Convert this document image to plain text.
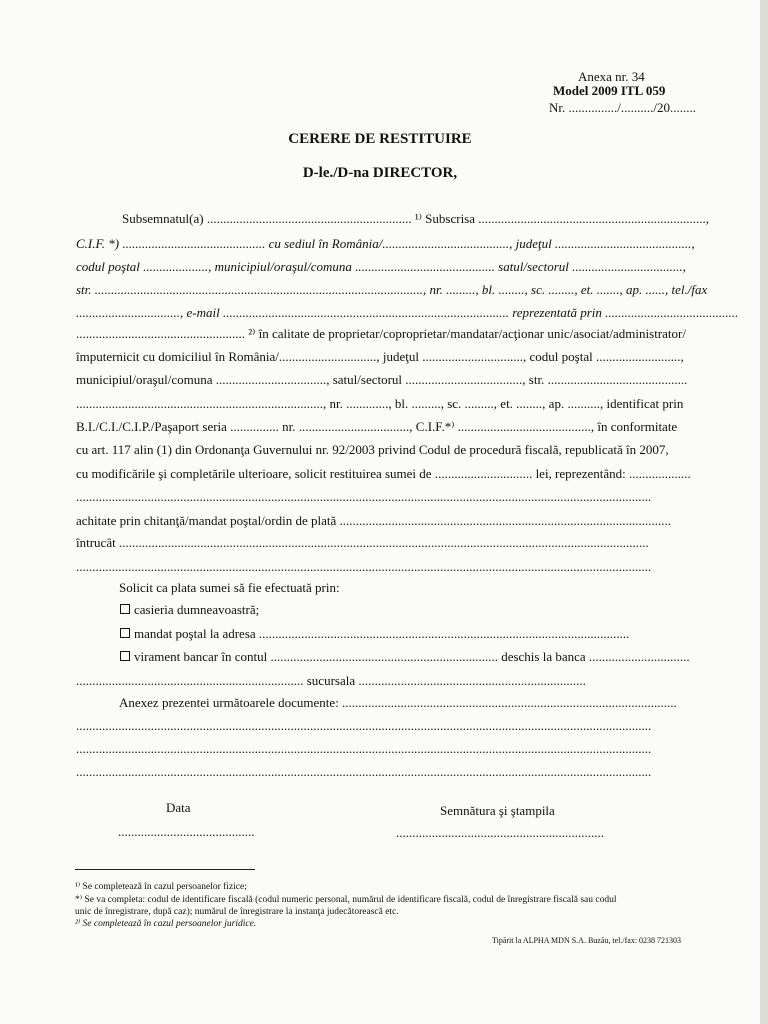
Anexa nr. 34
Model 2009 ITL 059
Nr. .............../........../20........
CERERE DE RESTITUIRE
D-le./D-na DIRECTOR,
Subsemnatul(a) ............................................................... ¹⁾ Subscrisa ......................................................................,
C.I.F. *) ............................................ cu sediul în România/......................................., judeţul ..........................................,
codul poştal ...................., municipiul/oraşul/comuna ........................................... satul/sectorul ..................................,
str. ....................................................................................................., nr. ........., bl. ........, sc. ........, et. ......., ap. ......, tel./fax
................................, e-mail ........................................................................................ reprezentată prin .........................................
.................................................... ²⁾ în calitate de proprietar/coproprietar/mandatar/acţionar unic/asociat/administrator/
împuternicit cu domiciliul în România/.............................., judeţul ..............................., codul poştal ..........................,
municipiul/oraşul/comuna .................................., satul/sectorul ...................................., str. ...........................................
............................................................................, nr. ............., bl. ........., sc. ........., et. ........, ap. .........., identificat prin
B.I./C.I./C.I.P./Paşaport seria ............... nr. .................................., C.I.F.*⁾ ........................................., în conformitate
cu art. 117 alin (1) din Ordonanţa Guvernului nr. 92/2003 privind Codul de procedură fiscală, republicată în 2007,
cu modificările şi completările ulterioare, solicit restituirea sumei de .............................. lei, reprezentând: ...................
.................................................................................................................................................................................
achitate prin chitanţă/mandat poştal/ordin de plată ......................................................................................................
întrucât ...................................................................................................................................................................
.................................................................................................................................................................................
Solicit ca plata sumei să fie efectuată prin:
casieria dumneavoastră;
mandat poştal la adresa ..................................................................................................................
virament bancar în contul ...................................................................... deschis la banca ...............................
...................................................................... sucursala ......................................................................
Anexez prezentei următoarele documente: .......................................................................................................
.................................................................................................................................................................................
.................................................................................................................................................................................
.................................................................................................................................................................................
Data
..........................................
Semnătura şi ştampila
................................................................
¹⁾ Se completează în cazul persoanelor fizice;
*⁾ Se va completa: codul de identificare fiscală (codul numeric personal, numărul de identificare fiscală, codul de înregistrare fiscală sau codul
unic de înregistrare, după caz); numărul de înregistrare la instanţa judecătorească etc.
²⁾ Se completează în cazul persoanelor juridice.
Tipărit la ALPHA MDN S.A. Buzău, tel./fax: 0238 721303
